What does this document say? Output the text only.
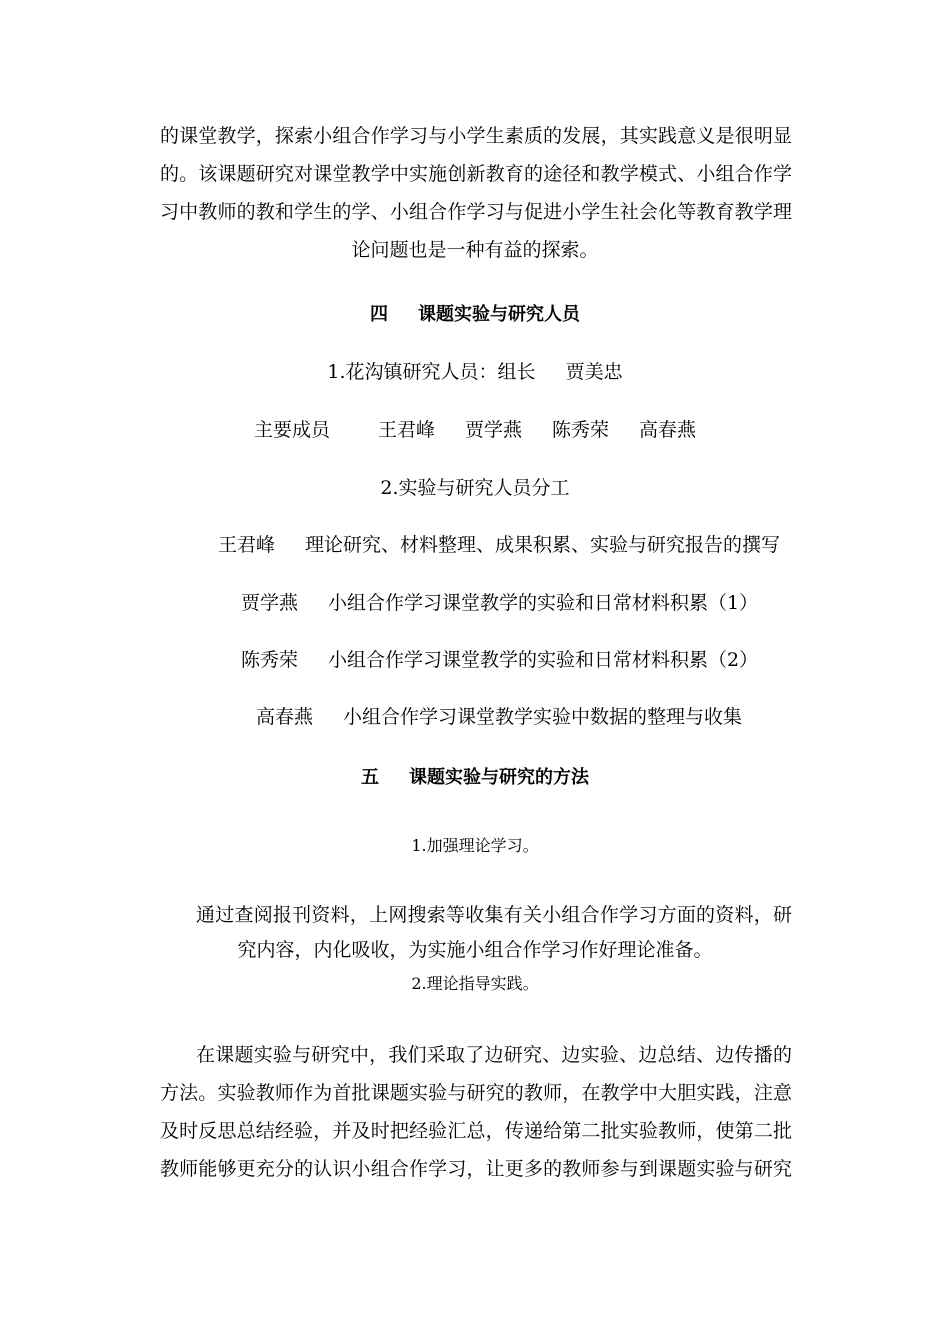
的课堂教学，探索小组合作学习与小学生素质的发展，其实践意义是很明显
的。该课题研究对课堂教学中实施创新教育的途径和教学模式、小组合作学
习中教师的教和学生的学、小组合作学习与促进小学生社会化等教育教学理
论问题也是一种有益的探索。
四 课题实验与研究人员
1.花沟镇研究人员：组长 贾美忠
主要成员	王君峰 贾学燕 陈秀荣 高春燕
2.实验与研究人员分工
王君峰 理论研究、材料整理、成果积累、实验与研究报告的撰写
贾学燕 小组合作学习课堂教学的实验和日常材料积累（1）
陈秀荣 小组合作学习课堂教学的实验和日常材料积累（2）
高春燕 小组合作学习课堂教学实验中数据的整理与收集
五 课题实验与研究的方法
1.加强理论学习。
通过查阅报刊资料，上网搜索等收集有关小组合作学习方面的资料，研
究内容，内化吸收，为实施小组合作学习作好理论准备。
2.理论指导实践。
在课题实验与研究中，我们采取了边研究、边实验、边总结、边传播的
方法。实验教师作为首批课题实验与研究的教师，在教学中大胆实践，注意
及时反思总结经验，并及时把经验汇总，传递给第二批实验教师，使第二批
教师能够更充分的认识小组合作学习，让更多的教师参与到课题实验与研究
